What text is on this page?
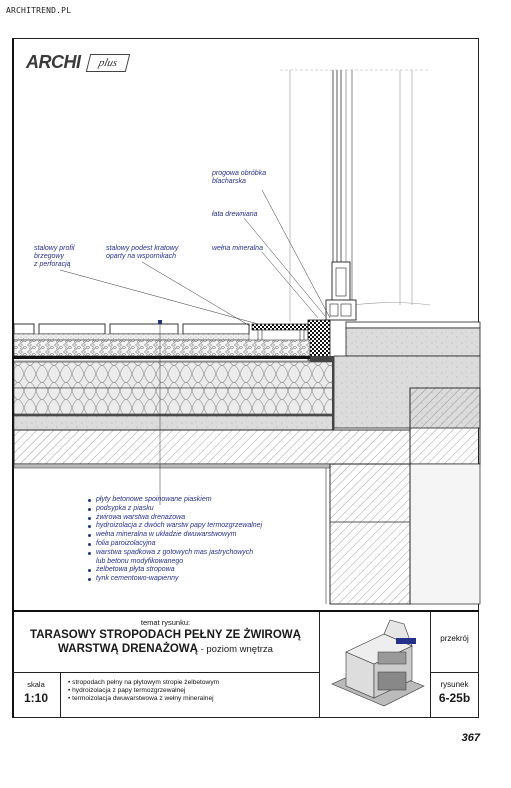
ARCHITREND.PL
ARCHI	plus
progowa obróbka
blacharska
łata drewniana
wełna mineralna
stalowy profil
brzegowy
z perforacją
stalowy podest kratowy
oparty na wspornikach
płyty betonowe spoinowane piaskiem
podsypka z piasku
żwirowa warstwa drenażowa
hydroizolacja z dwóch warstw papy termozgrzewalnej
wełna mineralna w układzie dwuwarstwowym
folia paroizolacyjna
warstwa spadkowa z gotowych mas jastrychowych
lub betonu modyfikowanego
żelbetowa płyta stropowa
tynk cementowo-wapienny
temat rysunku:
TARASOWY STROPODACH PEŁNY ZE ŻWIROWĄ
WARSTWĄ DRENAŻOWĄ - poziom wnętrza
skala
1:10
• stropodach pełny na płytowym stropie żelbetowym
• hydroizolacja z papy termozgrzewalnej
• termoizolacja dwuwarstwowa z wełny mineralnej
przekrój
rysunek
6-25b
367
